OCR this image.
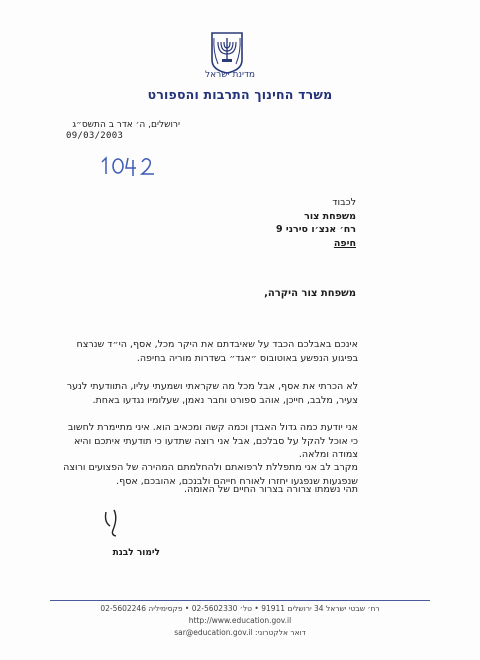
מדינת ישראל
משרד החינוך התרבות והספורט
ירושלים, ה׳ אדר ב התשס״ג
09/03/2003
לכבוד
משפחת צור
רח׳ אנצ׳ו סירני 9
חיפה
משפחת צור היקרה,
אינכם באבלכם הכבד על שאיבדתם את היקר מכל, אסף, הי״ד שנרצח בפיגוע הנפשע באוטובוס ״אגד״ בשדרות מוריה בחיפה.
לא הכרתי את אסף, אבל מכל מה שקראתי ושמעתי עליו, התוודעתי לנער צעיר, מלבב, חייכן, אוהב ספורט וחבר נאמן, שעלומיו נגדעו באחת.
אני יודעת כמה גדול האבדן וכמה קשה ומכאיב הוא. איני מתיימרת לחשוב כי אוכל להקל על סבלכם, אבל אני רוצה שתדעו כי תודעתי איתכם והיא צמודה ומלאה.
מקרב לב אני מתפללת לרפואתם ולהחלמתם המהירה של הפצועים ורוצה שנפגעות שנפגעו יחזרו לאורח חייהם ולבנכם, אהובכם, אסף.
תהי נשמתו צרורה בצרור החיים של האומה.
לימור לבנת
רח׳ שבטי ישראל 34 ירושלים 91911 • טל׳ 02-5602330 • פקסימיליה 02-5602246
http://www.education.gov.il
דואר אלקטרוני: sar@education.gov.il
